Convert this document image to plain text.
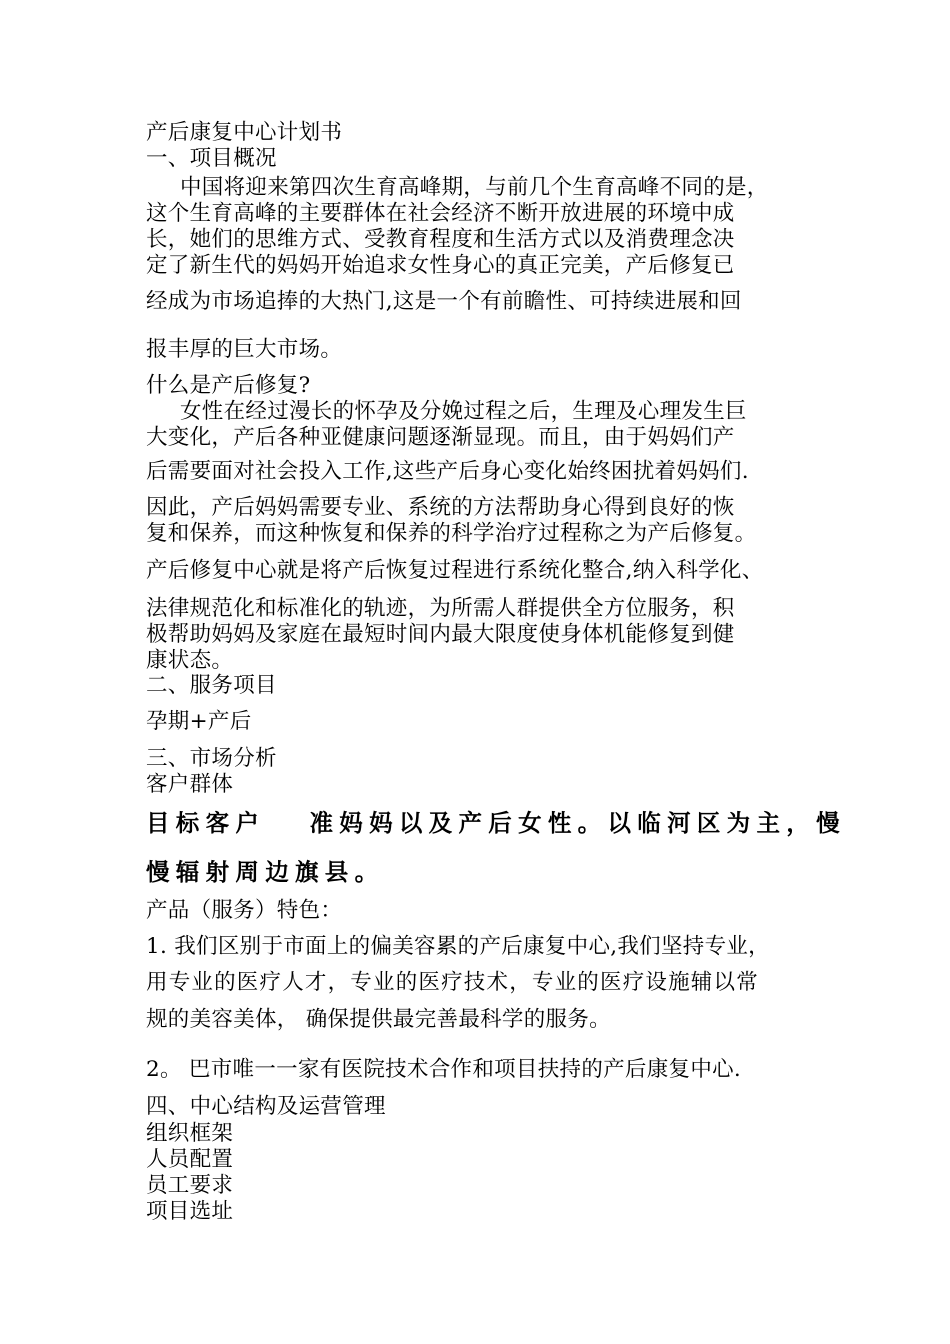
产后康复中心计划书

一、项目概况

中国将迎来第四次生育高峰期，与前几个生育高峰不同的是，

这个生育高峰的主要群体在社会经济不断开放进展的环境中成

长，她们的思维方式、受教育程度和生活方式以及消费理念决

定了新生代的妈妈开始追求女性身心的真正完美，产后修复已

经成为市场追捧的大热门,这是一个有前瞻性、可持续进展和回

报丰厚的巨大市场。

什么是产后修复?

女性在经过漫长的怀孕及分娩过程之后，生理及心理发生巨

大变化，产后各种亚健康问题逐渐显现。而且，由于妈妈们产

后需要面对社会投入工作,这些产后身心变化始终困扰着妈妈们.

因此，产后妈妈需要专业、系统的方法帮助身心得到良好的恢

复和保养，而这种恢复和保养的科学治疗过程称之为产后修复。

产后修复中心就是将产后恢复过程进行系统化整合,纳入科学化、

法律规范化和标准化的轨迹，为所需人群提供全方位服务，积

极帮助妈妈及家庭在最短时间内最大限度使身体机能修复到健

康状态。

二、服务项目

孕期+产后

三、市场分析

客户群体

目标客户　 准妈妈以及产后女性。以临河区为主，慢

慢辐射周边旗县。

产品（服务）特色：

1. 我们区别于市面上的偏美容累的产后康复中心,我们坚持专业，

用专业的医疗人才，专业的医疗技术，专业的医疗设施辅以常

规的美容美体， 确保提供最完善最科学的服务。

2。 巴市唯一一家有医院技术合作和项目扶持的产后康复中心.

四、中心结构及运营管理

组织框架

人员配置

员工要求

项目选址
